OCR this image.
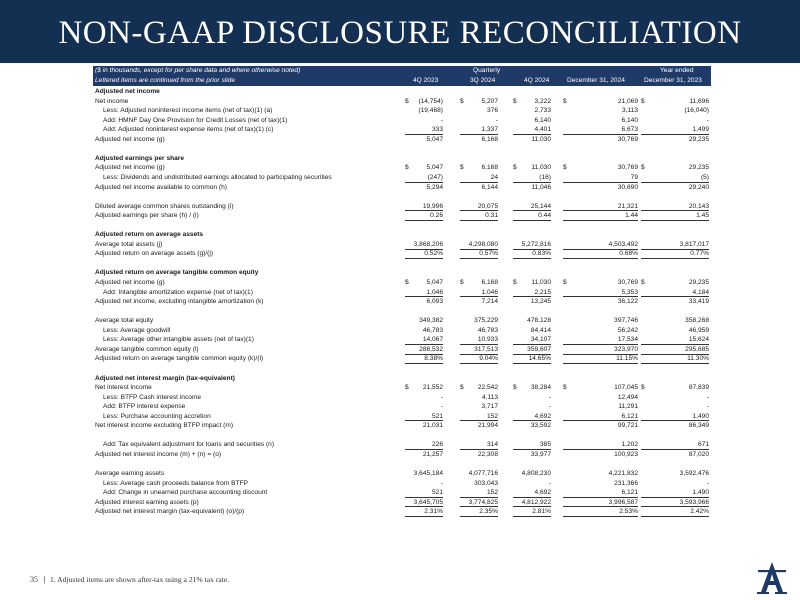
NON-GAAP DISCLOSURE RECONCILIATION
($ in thousands, except for per share data and where otherwise noted)	Quarterly	Year ended
Lettered items are continued from the prior slide	4Q 2023	3Q 2024	4Q 2024	December 31, 2024	December 31, 2023
Adjusted net income
Net income	$	(14,754)	$	5,207 $	3,222 $	21,069 $	11,696
Less: Adjusted noninterest income items (net of tax)(1) (a)	(19,468)	376	2,733	3,113	(16,040)
Add: HMNF Day One Provision for Credit Losses (net of tax)(1)	-	-	6,140	6,140	-
Add: Adjusted noninterest expense items (net of tax)(1) (c)	333	1,337	4,401	6,673	1,499
Adjusted net income (g)	5,047	6,168	11,030	30,769	29,235
Adjusted earnings per share
Adjusted net income (g)	$	5,047	$	6,168 $	11,030 $	30,769 $	29,235
Less: Dividends and undistributed earnings allocated to participating securities	(247)	24	(16)	79	(5)
Adjusted net income available to common (h)	5,294	6,144	11,046	30,690	29,240
Diluted average common shares outstanding (i)	19,996	20,075	25,144	21,321	20,143
Adjusted earnings per share (h) / (i)	0.26	0.31	0.44	1.44	1.45
Adjusted return on average assets
Average total assets (j)	3,868,206	4,298,080	5,272,816	4,503,492	3,817,017
Adjusted return on average assets (g)/(j)	0.52%	0.57%	0.83%	0.68%	0.77%
Adjusted return on average tangible common equity
Adjusted net income (g)	$	5,047	$	6,168 $	11,030 $	30,769 $	29,235
Add: Intangible amortization expense (net of tax)(1)	1,046	1,046	2,215	5,353	4,184
Adjusted net income, excluding intangible amortization (k)	6,093	7,214	13,245	36,122	33,419
Average total equity	349,382	375,229	478,128	397,746	358,268
Less: Average goodwill	46,783	46,783	84,414	56,242	46,959
Less: Average other intangible assets (net of tax)(1)	14,067	10,933	34,107	17,534	15,624
Average tangible common equity (l)	288,532	317,513	359,607	323,970	295,685
Adjusted return on average tangible common equity (k)/(l)	8.38%	9.04%	14.65%	11.15%	11.30%
Adjusted net interest margin (tax-equivalent)
Net interest income	$	21,552	$	22,542 $	38,284 $	107,045 $	87,839
Less: BTFP Cash interest income	-	4,113	-	12,494	-
Add: BTFP interest expense	-	3,717	-	11,291	-
Less: Purchase accounting accretion	521	152	4,692	6,121	1,490
Net interest income excluding BTFP impact (m)	21,031	21,994	33,592	99,721	86,349
Add: Tax equivalent adjustment for loans and securities (n)	226	314	385	1,202	671
Adjusted net interest income (m) + (n) = (o)	21,257	22,308	33,977	100,923	87,020
Average earning assets	3,645,184	4,077,716	4,808,230	4,221,832	3,592,476
Less: Average cash proceeds balance from BTFP	-	303,043	-	231,366	-
Add: Change in unearned purchase accounting discount	521	152	4,692	6,121	1,490
Adjusted interest earning assets (p)	3,645,705	3,774,825	4,812,922	3,996,587	3,593,966
Adjusted net interest margin (tax-equivalent) (o)/(p)	2.31%	2.35%	2.81%	2.53%	2.42%
35 | 1. Adjusted items are shown after-tax using a 21% tax rate.
